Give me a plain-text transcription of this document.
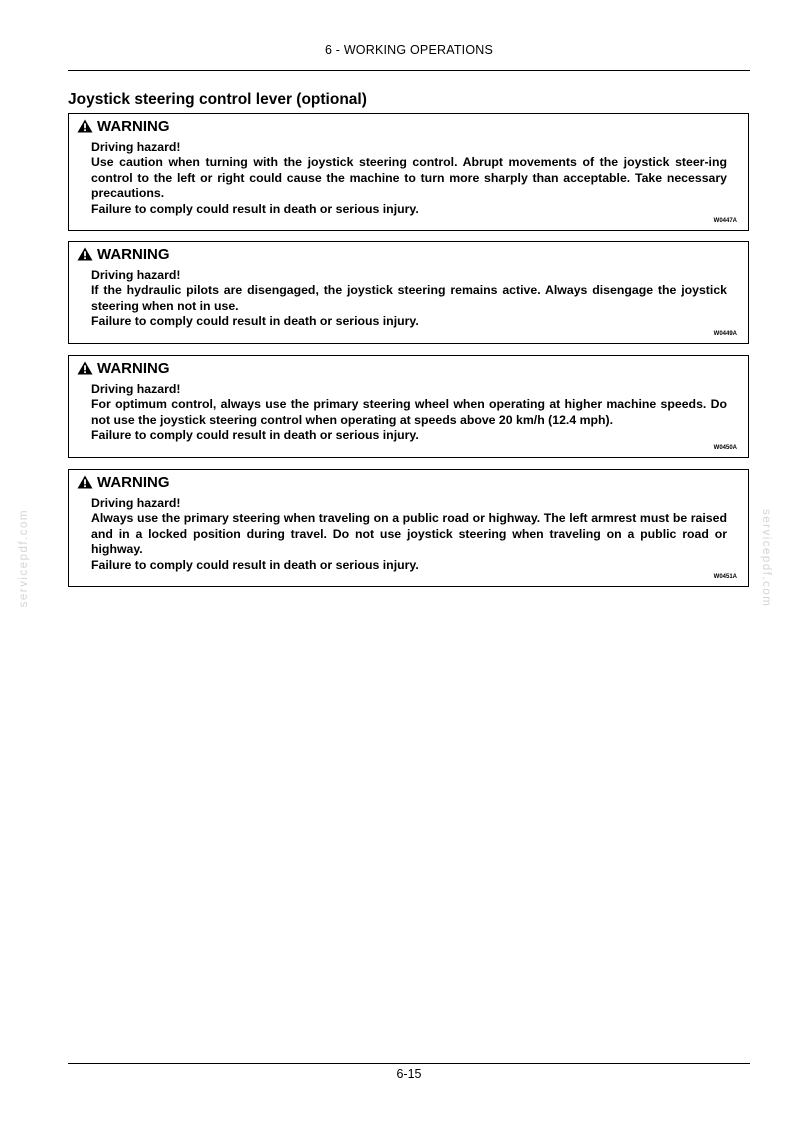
6 - WORKING OPERATIONS
Joystick steering control lever (optional)
WARNING
Driving hazard!
Use caution when turning with the joystick steering control. Abrupt movements of the joystick steer-ing control to the left or right could cause the machine to turn more sharply than acceptable. Take necessary precautions.
Failure to comply could result in death or serious injury.
W0447A
WARNING
Driving hazard!
If the hydraulic pilots are disengaged, the joystick steering remains active. Always disengage the joystick steering when not in use.
Failure to comply could result in death or serious injury.
W0449A
WARNING
Driving hazard!
For optimum control, always use the primary steering wheel when operating at higher machine speeds. Do not use the joystick steering control when operating at speeds above 20 km/h (12.4 mph).
Failure to comply could result in death or serious injury.
W0450A
WARNING
Driving hazard!
Always use the primary steering when traveling on a public road or highway. The left armrest must be raised and in a locked position during travel. Do not use joystick steering when traveling on a public road or highway.
Failure to comply could result in death or serious injury.
W0451A
servicepdf.com	servicepdf.com
6-15
